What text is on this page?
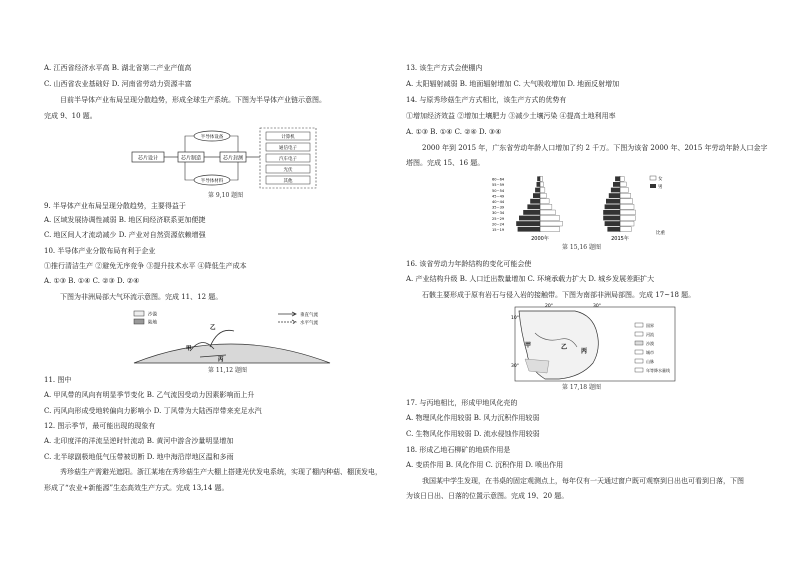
A. 江西省经济水平高 B. 湖北省第二产业产值高
C. 山西省农业基础好 D. 河南省劳动力资源丰富
目前半导体产业布局呈现分散趋势，形成全球生产系统。下图为半导体产业链示意图。
完成 9、10 题。
芯片设计	芯片制造	芯片封测
半导体设备
半导体材料
计算机
通信电子
汽车电子
光伏
其他
第 9,10 题图
9. 半导体产业布局呈现分散趋势，主要得益于
A. 区域发展协调性减弱 B. 地区间经济联系更加便捷
C. 地区间人才流动减少 D. 产业对自然资源依赖增强
10. 半导体产业分散布局有利于企业
①推行清洁生产 ②避免无序竞争 ③提升技术水平 ④降低生产成本
A. ①③ B. ①④ C. ②③ D. ②④
下图为非洲局部大气环流示意图。完成 11、12 题。
沙漠
陆地
垂直气流
水平气流
甲
乙
丙
第 11,12 题图
11. 图中
A. 甲风带的风向有明显季节变化 B. 乙气流因受动力因素影响而上升
C. 丙风向形成受地转偏向力影响小 D. 丁风带为大陆西岸带来充足水汽
12. 图示季节，最可能出现的现象有
A. 北印度洋的洋流呈逆时针流动 B. 黄河中游含沙量明显增加
C. 北半球副极地低气压带被切断 D. 地中海沿岸地区温和多雨
秀珍菇生产需避光遮阳。浙江某地在秀珍菇生产大棚上搭建光伏发电系统，实现了棚内种菇、棚顶发电，
形成了“农业+新能源”生态高效生产方式。完成 13,14 题。
13. 该生产方式会使棚内
A. 太阳辐射减弱 B. 地面辐射增加 C. 大气吸收增加 D. 地面反射增加
14. 与原秀珍菇生产方式相比，该生产方式的优势有
①增加经济效益 ②增加土壤肥力 ③减少土壤污染 ④提高土地利用率
A. ①③ B. ①④ C. ②④ D. ③④
2000 年到 2015 年，广东省劳动年龄人口增加了约 2 千万。下图为该省 2000 年、2015 年劳动年龄人口金字
塔图。完成 15、16 题。
60~64
55~59
50~54
45~49
40~44
35~39
30~34
25~29
20~24
15~19
2000年	2015年
女
男
比重
第 15,16 题图
16. 该省劳动力年龄结构的变化可能会使
A. 产业结构升级 B. 人口迁出数量增加 C. 环境承载力扩大 D. 城乡发展差距扩大
石骸主要形成于原有岩石与侵入岩的接触带。下图为南部非洲局部图。完成 17~18 题。
10°
30°
20°	30°
甲	乙
丙
国界
河流
沙漠
城市
山脉
年等降水量线
第 17,18 题图
17. 与丙地相比，形成甲地风化壳的
A. 物理风化作用较弱 B. 风力沉积作用较弱
C. 生物风化作用较弱 D. 流水侵蚀作用较弱
18. 形成乙地石柳矿的地质作用是
A. 变质作用 B. 风化作用 C. 沉积作用 D. 喷出作用
我国某中学生发现，在书桌的固定观测点上，每年仅有一天通过窗户既可观察到日出也可看到日落，下图
为该日日出、日落的位置示意图。完成 19、20 题。
